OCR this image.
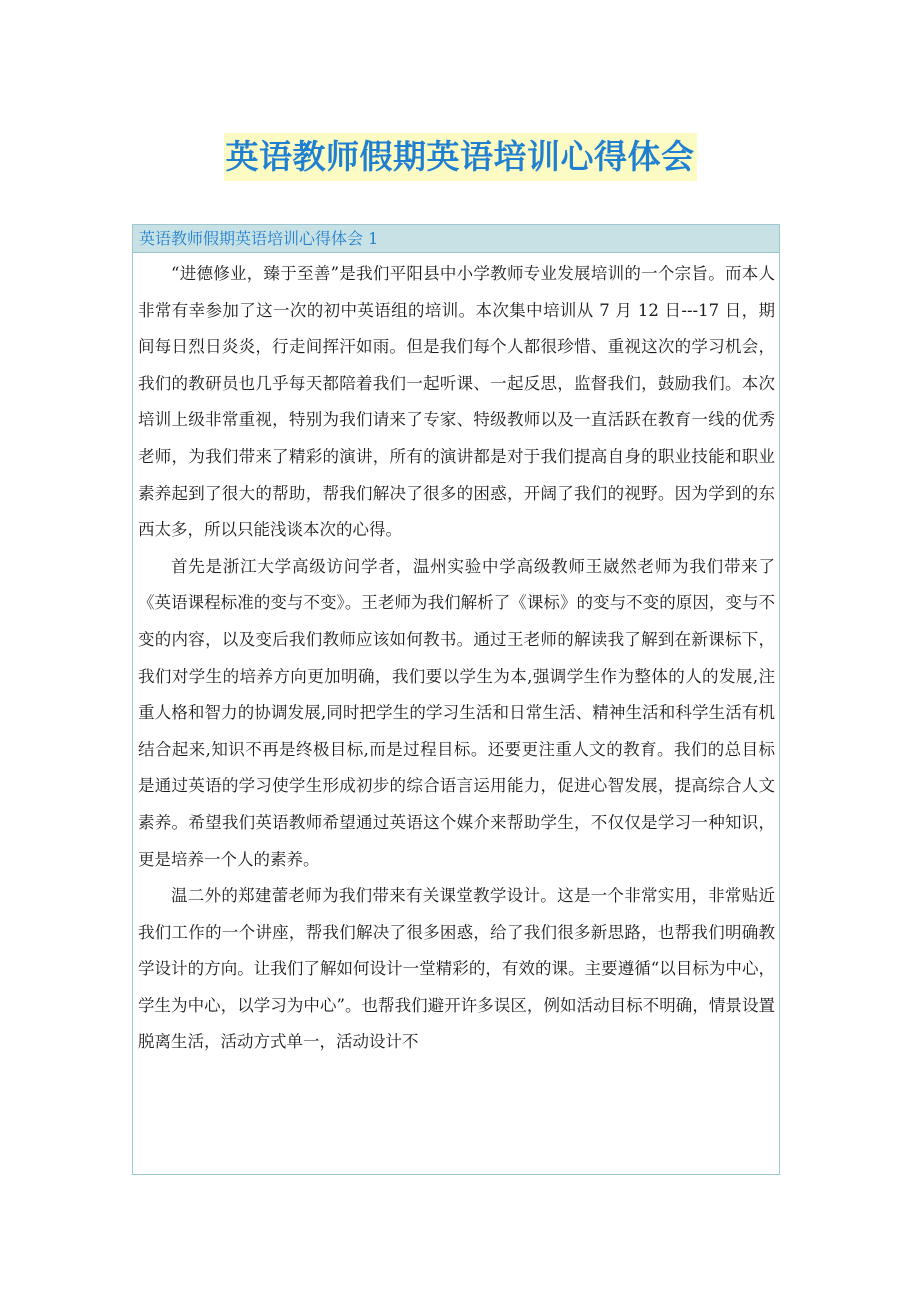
英语教师假期英语培训心得体会
英语教师假期英语培训心得体会 1

“进德修业，臻于至善”是我们平阳县中小学教师专业发展培训的一个宗旨。而本人非常有幸参加了这一次的初中英语组的培训。本次集中培训从 7 月 12 日---17 日，期间每日烈日炎炎，行走间挥汗如雨。但是我们每个人都很珍惜、重视这次的学习机会，我们的教研员也几乎每天都陪着我们一起听课、一起反思，监督我们，鼓励我们。本次培训上级非常重视，特别为我们请来了专家、特级教师以及一直活跃在教育一线的优秀老师，为我们带来了精彩的演讲，所有的演讲都是对于我们提高自身的职业技能和职业素养起到了很大的帮助，帮我们解决了很多的困惑，开阔了我们的视野。因为学到的东西太多，所以只能浅谈本次的心得。

首先是浙江大学高级访问学者，温州实验中学高级教师王崴然老师为我们带来了《英语课程标准的变与不变》。王老师为我们解析了《课标》的变与不变的原因，变与不变的内容，以及变后我们教师应该如何教书。通过王老师的解读我了解到在新课标下，我们对学生的培养方向更加明确，我们要以学生为本,强调学生作为整体的人的发展,注重人格和智力的协调发展,同时把学生的学习生活和日常生活、精神生活和科学生活有机结合起来,知识不再是终极目标,而是过程目标。还要更注重人文的教育。我们的总目标是通过英语的学习使学生形成初步的综合语言运用能力，促进心智发展，提高综合人文素养。希望我们英语教师希望通过英语这个媒介来帮助学生，不仅仅是学习一种知识，更是培养一个人的素养。

温二外的郑建蕾老师为我们带来有关课堂教学设计。这是一个非常实用，非常贴近我们工作的一个讲座，帮我们解决了很多困惑，给了我们很多新思路，也帮我们明确教学设计的方向。让我们了解如何设计一堂精彩的，有效的课。主要遵循“以目标为中心，学生为中心，以学习为中心”。也帮我们避开许多误区，例如活动目标不明确，情景设置脱离生活，活动方式单一，活动设计不
